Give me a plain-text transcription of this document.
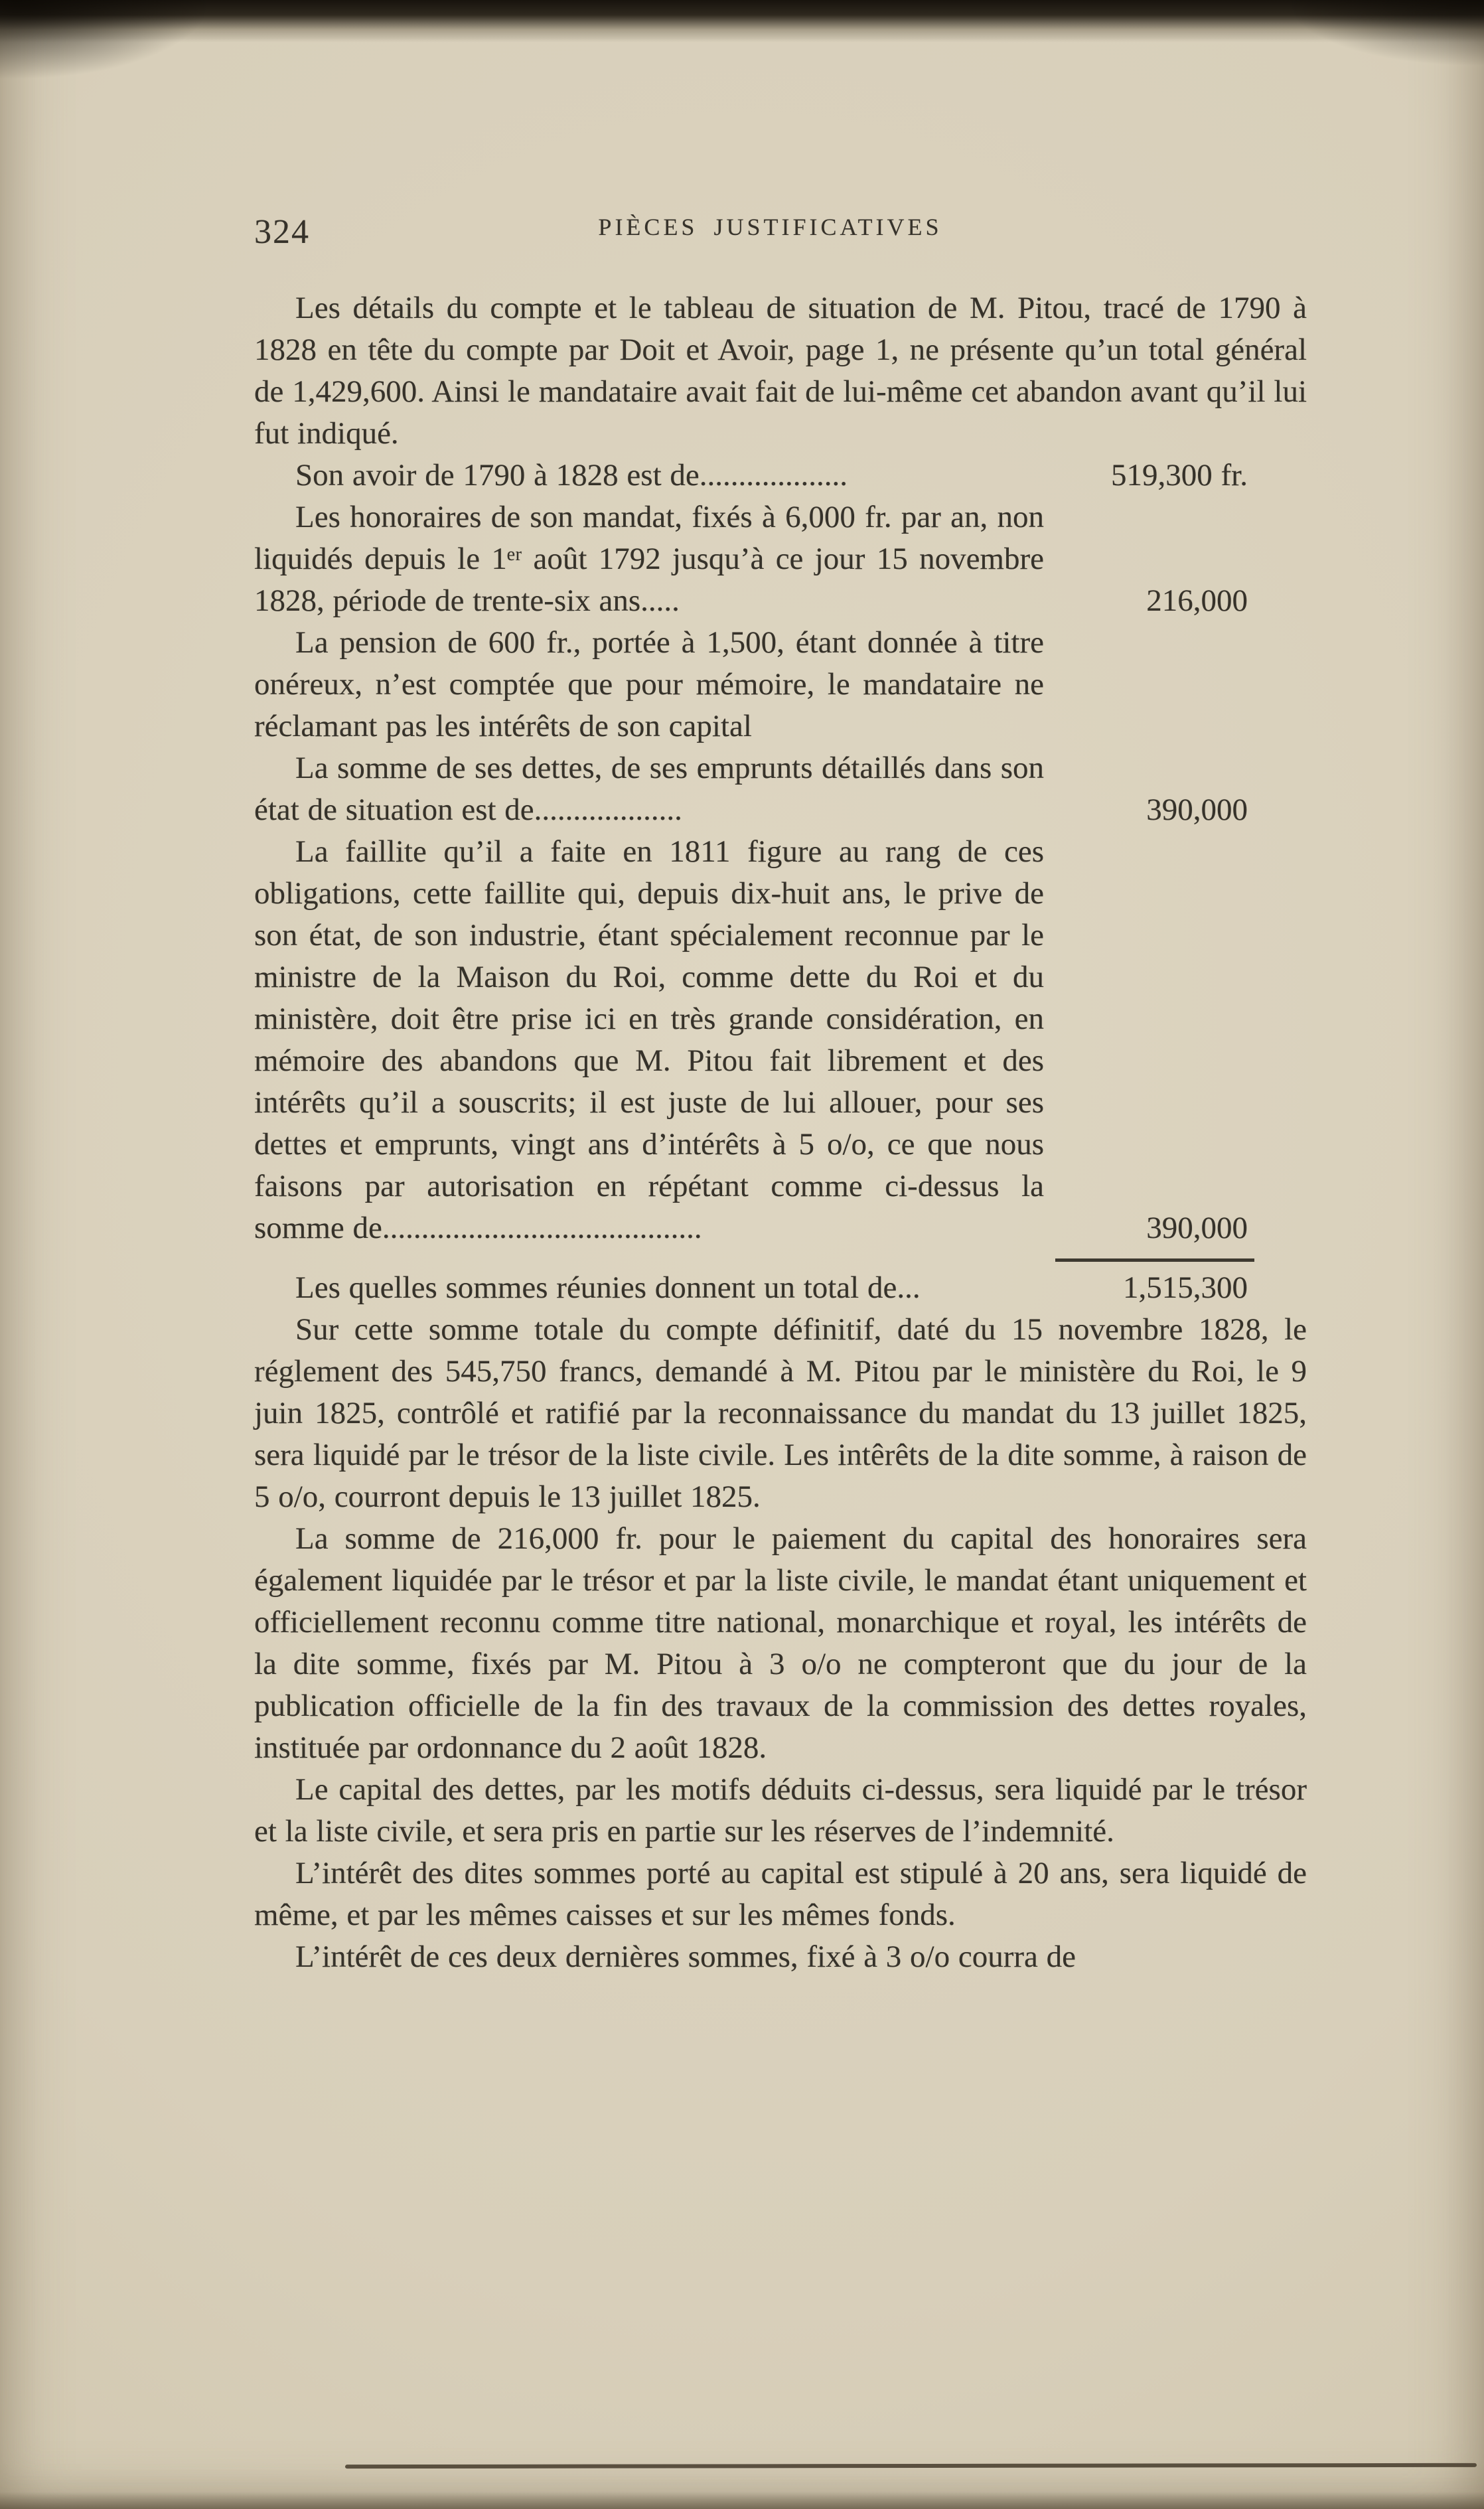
324	PIÈCES JUSTIFICATIVES

Les détails du compte et le tableau de situation de M. Pitou, tracé de 1790 à 1828 en tête du compte par Doit et Avoir, page 1, ne présente qu’un total général de 1,429,600. Ainsi le mandataire avait fait de lui-même cet abandon avant qu’il lui fut indiqué.

Son avoir de 1790 à 1828 est de...................	519,300 fr.
Les honoraires de son mandat, fixés à 6,000 fr. par an, non liquidés depuis le 1ᵉʳ août 1792 jusqu’à ce jour 15 novembre 1828, période de trente-six ans.....	216,000
La pension de 600 fr., portée à 1,500, étant donnée à titre onéreux, n’est comptée que pour mémoire, le mandataire ne réclamant pas les intérêts de son capital
La somme de ses dettes, de ses emprunts détaillés dans son état de situation est de...................	390,000
La faillite qu’il a faite en 1811 figure au rang de ces obligations, cette faillite qui, depuis dix-huit ans, le prive de son état, de son industrie, étant spécialement reconnue par le ministre de la Maison du Roi, comme dette du Roi et du ministère, doit être prise ici en très grande considération, en mémoire des abandons que M. Pitou fait librement et des intérêts qu’il a souscrits; il est juste de lui allouer, pour ses dettes et emprunts, vingt ans d’intérêts à 5 o/o, ce que nous faisons par autorisation en répétant comme ci-dessus la somme de.........................................	390,000
Les quelles sommes réunies donnent un total de...	1,515,300

Sur cette somme totale du compte définitif, daté du 15 novembre 1828, le réglement des 545,750 francs, demandé à M. Pitou par le ministère du Roi, le 9 juin 1825, contrôlé et ratifié par la reconnaissance du mandat du 13 juillet 1825, sera liquidé par le trésor de la liste civile. Les intêrêts de la dite somme, à raison de 5 o/o, courront depuis le 13 juillet 1825.

La somme de 216,000 fr. pour le paiement du capital des honoraires sera également liquidée par le trésor et par la liste civile, le mandat étant uniquement et officiellement reconnu comme titre national, monarchique et royal, les intérêts de la dite somme, fixés par M. Pitou à 3 o/o ne compteront que du jour de la publication officielle de la fin des travaux de la commission des dettes royales, instituée par ordonnance du 2 août 1828.

Le capital des dettes, par les motifs déduits ci-dessus, sera liquidé par le trésor et la liste civile, et sera pris en partie sur les réserves de l’indemnité.

L’intérêt des dites sommes porté au capital est stipulé à 20 ans, sera liquidé de même, et par les mêmes caisses et sur les mêmes fonds.

L’intérêt de ces deux dernières sommes, fixé à 3 o/o courra de
